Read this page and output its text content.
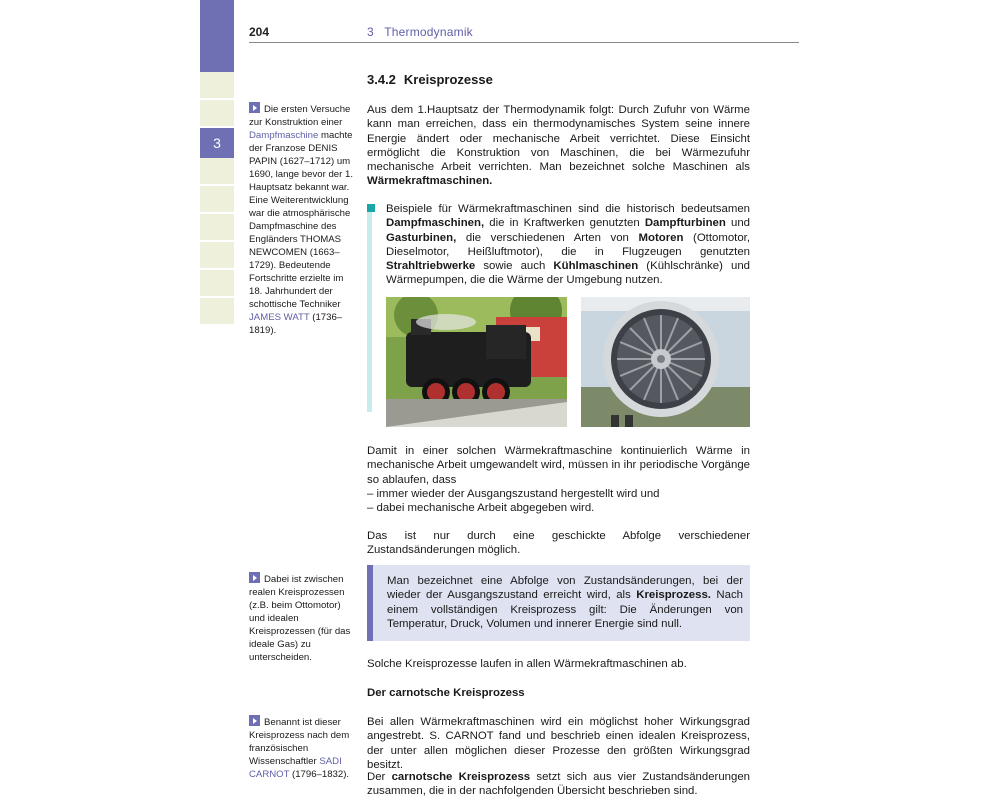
3
204	3   Thermodynamik
3.4.2 Kreisprozesse

Aus dem 1.Hauptsatz der Thermodynamik folgt: Durch Zufuhr von Wärme kann man erreichen, dass ein thermodynamisches System seine innere Energie ändert oder mechanische Arbeit verrichtet. Diese Einsicht ermöglicht die Konstruktion von Maschinen, die bei Wärmezufuhr mechanische Arbeit verrichten. Man bezeichnet solche Maschinen als Wärmekraftmaschinen.

Beispiele für Wärmekraftmaschinen sind die historisch bedeutsamen Dampfmaschinen, die in Kraftwerken genutzten Dampfturbinen und Gasturbinen, die verschiedenen Arten von Motoren (Ottomotor, Dieselmotor, Heißluftmotor), die in Flugzeugen genutzten Strahltriebwerke sowie auch Kühlmaschinen (Kühlschränke) und Wärmepumpen, die die Wärme der Umgebung nutzen.

Damit in einer solchen Wärmekraftmaschine kontinuierlich Wärme in mechanische Arbeit umgewandelt wird, müssen in ihr periodische Vorgänge so ablaufen, dass

– immer wieder der Ausgangszustand hergestellt wird und

– dabei mechanische Arbeit abgegeben wird.

Das ist nur durch eine geschickte Abfolge verschiedener Zustandsänderungen möglich.

Man bezeichnet eine Abfolge von Zustandsänderungen, bei der wieder der Ausgangszustand erreicht wird, als Kreisprozess. Nach einem vollständigen Kreisprozess gilt: Die Änderungen von Temperatur, Druck, Volumen und innerer Energie sind null.

Solche Kreisprozesse laufen in allen Wärmekraftmaschinen ab.

Der carnotsche Kreisprozess

Bei allen Wärmekraftmaschinen wird ein möglichst hoher Wirkungsgrad angestrebt. S. CARNOT fand und beschrieb einen idealen Kreisprozess, der unter allen möglichen dieser Prozesse den größten Wirkungsgrad besitzt.

Der carnotsche Kreisprozess setzt sich aus vier Zustandsänderungen zusammen, die in der nachfolgenden Übersicht beschrieben sind.

Die ersten Versuche zur Konstruktion einer Dampfmaschine machte der Franzose DENIS PAPIN (1627–1712) um 1690, lange bevor der 1. Hauptsatz bekannt war. Eine Weiterentwicklung war die atmosphärische Dampfmaschine des Engländers THOMAS NEWCOMEN (1663–1729). Bedeutende Fortschritte erzielte im 18. Jahrhundert der schottische Techniker JAMES WATT (1736–1819).

Dabei ist zwischen realen Kreisprozessen (z.B. beim Ottomotor) und idealen Kreisprozessen (für das ideale Gas) zu unterscheiden.

Benannt ist dieser Kreisprozess nach dem französischen Wissenschaftler SADI CARNOT (1796–1832).
